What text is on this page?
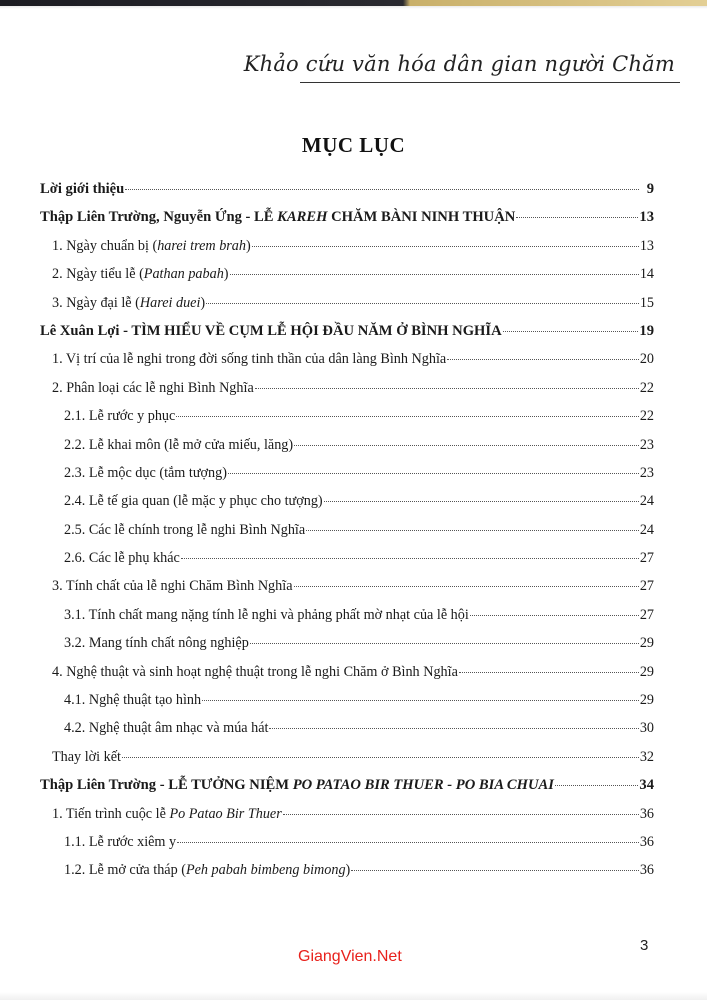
Khảo cứu văn hóa dân gian người Chăm
MỤC LỤC
Lời giới thiệu	9
Thập Liên Trường, Nguyễn Ứng - LỄ KAREH CHĂM BÀNI NINH THUẬN	13
1. Ngày chuẩn bị (harei trem brah)	13
2. Ngày tiểu lễ (Pathan pabah)	14
3. Ngày đại lễ (Harei duei)	15
Lê Xuân Lợi - TÌM HIỂU VỀ CỤM LỄ HỘI ĐẦU NĂM Ở BÌNH NGHĨA	19
1. Vị trí của lễ nghi trong đời sống tinh thần của dân làng Bình Nghĩa	20
2. Phân loại các lễ nghi Bình Nghĩa	22
2.1. Lễ rước y phục	22
2.2. Lễ khai môn (lễ mở cửa miếu, lăng)	23
2.3. Lễ mộc dục (tắm tượng)	23
2.4. Lễ tế gia quan (lễ mặc y phục cho tượng)	24
2.5. Các lễ chính trong lễ nghi Bình Nghĩa	24
2.6. Các lễ phụ khác	27
3. Tính chất của lễ nghi Chăm Bình Nghĩa	27
3.1. Tính chất mang nặng tính lễ nghi và phảng phất mờ nhạt của lễ hội	27
3.2. Mang tính chất nông nghiệp	29
4. Nghệ thuật và sinh hoạt nghệ thuật trong lễ nghi Chăm ở Bình Nghĩa	29
4.1. Nghệ thuật tạo hình	29
4.2. Nghệ thuật âm nhạc và múa hát	30
Thay lời kết	32
Thập Liên Trường - LỄ TƯỞNG NIỆM PO PATAO BIR THUER - PO BIA CHUAI	34
1. Tiến trình cuộc lễ Po Patao Bir Thuer	36
1.1. Lễ rước xiêm y	36
1.2. Lễ mở cửa tháp (Peh pabah bimbeng bimong)	36
GiangVien.Net
3
